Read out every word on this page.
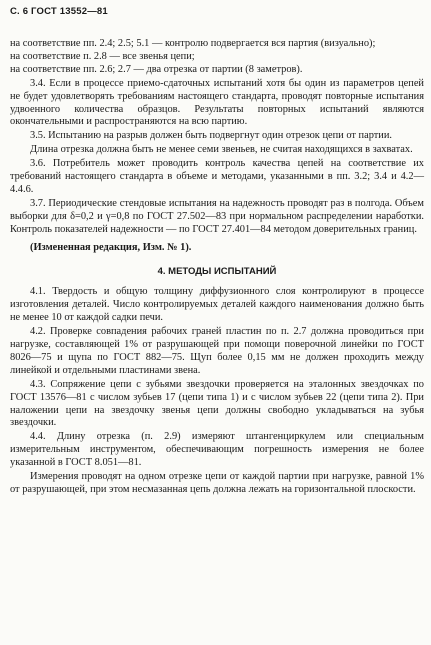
С. 6 ГОСТ 13552—81

на соответствие пп. 2.4; 2.5; 5.1 — контролю подвергается вся партия (визуально);

на соответствие п. 2.8 — все звенья цепи;

на соответствие пп. 2.6; 2.7 — два отрезка от партии (8 заметров).

3.4. Если в процессе приемо-сдаточных испытаний хотя бы один из параметров цепей не будет удовлетворять требованиям настоящего стандарта, проводят повторные испытания удвоенного количества образцов. Результаты повторных испытаний являются окончательными и распространяются на всю партию.

3.5. Испытанию на разрыв должен быть подвергнут один отрезок цепи от партии.

Длина отрезка должна быть не менее семи звеньев, не считая находящихся в захватах.

3.6. Потребитель может проводить контроль качества цепей на соответствие их требований настоящего стандарта в объеме и методами, указанными в пп. 3.2; 3.4 и 4.2—4.4.6.

3.7. Периодические стендовые испытания на надежность проводят раз в полгода. Объем выборки для δ=0,2 и γ=0,8 по ГОСТ 27.502—83 при нормальном распределении наработки. Контроль показателей надежности — по ГОСТ 27.401—84 методом доверительных границ.

(Измененная редакция, Изм. № 1).

4. МЕТОДЫ ИСПЫТАНИЙ

4.1. Твердость и общую толщину диффузионного слоя контролируют в процессе изготовления деталей. Число контролируемых деталей каждого наименования должно быть не менее 10 от каждой садки печи.

4.2. Проверке совпадения рабочих граней пластин по п. 2.7 должна проводиться при нагрузке, составляющей 1% от разрушающей при помощи поверочной линейки по ГОСТ 8026—75 и щупа по ГОСТ 882—75. Щуп более 0,15 мм не должен проходить между линейкой и отдельными пластинами звена.

4.3. Сопряжение цепи с зубьями звездочки проверяется на эталонных звездочках по ГОСТ 13576—81 с числом зубьев 17 (цепи типа 1) и с числом зубьев 22 (цепи типа 2). При наложении цепи на звездочку звенья цепи должны свободно укладываться на зубья звездочки.

4.4. Длину отрезка (п. 2.9) измеряют штангенциркулем или специальным измерительным инструментом, обеспечивающим погрешность измерения не более указанной в ГОСТ 8.051—81.

Измерения проводят на одном отрезке цепи от каждой партии при нагрузке, равной 1% от разрушающей, при этом несмазанная цепь должна лежать на горизонтальной плоскости.
